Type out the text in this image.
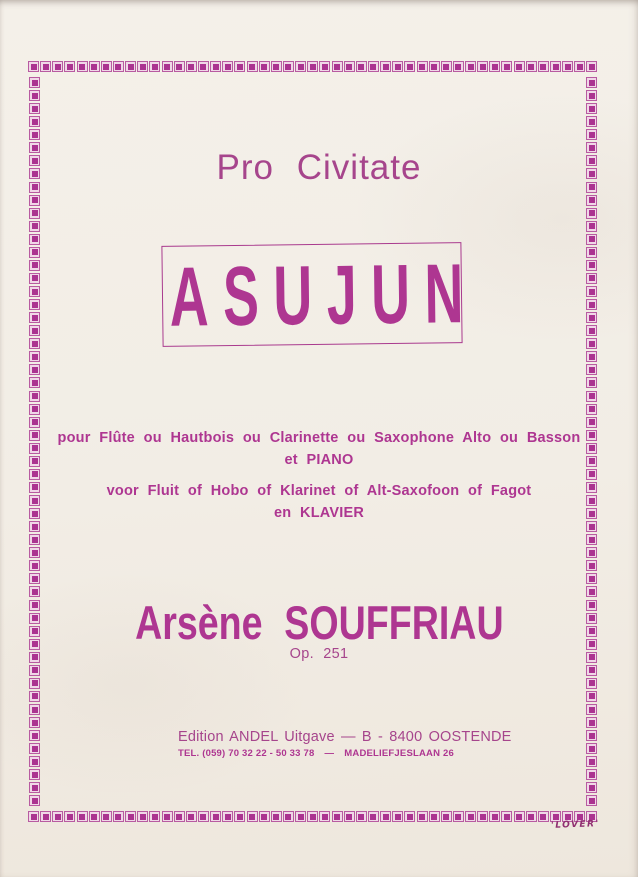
Pro Civitate
ASUJUN
pour Flûte ou Hautbois ou Clarinette ou Saxophone Alto ou Basson
et PIANO
voor Fluit of Hobo of Klarinet of Alt-Saxofoon of Fagot
en KLAVIER
Arsène SOUFFRIAU
Op. 251
Edition ANDEL Uitgave — B - 8400 OOSTENDE
TEL. (059) 70 32 22 - 50 33 78 — MADELIEFJESLAAN 26
'LOVER'
